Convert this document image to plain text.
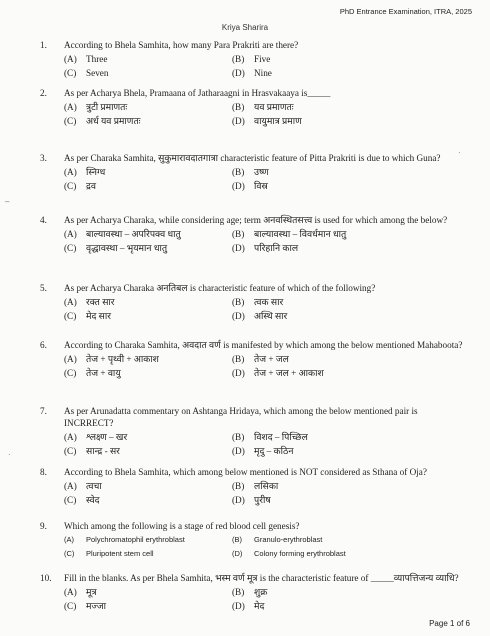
PhD Entrance Examination, ITRA, 2025
Kriya Sharira
–
·
·
1. According to Bhela Samhita, how many Para Prakriti are there?
(A)	Three	(B)	Five
(C)	Seven	(D)	Nine
2. As per Acharya Bhela, Pramaana of Jatharaagni in Hrasvakaaya is_____
(A)	त्रुटी प्रमाणतः	(B)	यव प्रमाणतः
(C)	अर्ध यव प्रमाणतः	(D)	वायुमात्र प्रमाण
3. As per Charaka Samhita, सुकुमारावदातगात्रा characteristic feature of Pitta Prakriti is due to which Guna?
(A)	स्निग्ध	(B)	उष्ण
(C)	द्रव	(D)	विस्र
4. As per Acharya Charaka, while considering age; term अनवस्थितसत्त्व is used for which among the below?
(A)	बाल्यावस्था – अपरिपक्व धातु	(B)	बाल्यावस्था – विवर्धमान धातु
(C)	वृद्धावस्था – भृयमान धातु	(D)	परिहानि काल
5. As per Acharya Charaka अनतिबल is characteristic feature of which of the following?
(A)	रक्त सार	(B)	त्वक सार
(C)	मेद सार	(D)	अस्थि सार
6. According to Charaka Samhita, अवदात वर्ण is manifested by which among the below mentioned Mahaboota?
(A)	तेज + पृथ्वी + आकाश	(B)	तेज + जल
(C)	तेज + वायु	(D)	तेज + जल + आकाश
7. As per Arunadatta commentary on Ashtanga Hridaya, which among the below mentioned pair is INCRRECT?
(A)	श्लक्ष्ण – खर	(B)	विशद – पिच्छिल
(C)	सान्द्र - सर	(D)	मृदु – कठिन
8. According to Bhela Samhita, which among below mentioned is NOT considered as Sthana of Oja?
(A)	त्वचा	(B)	लसिका
(C)	स्वेद	(D)	पुरीष
9. Which among the following is a stage of red blood cell genesis?
(A)	Polychromatophil erythroblast	(B)	Granulo-erythroblast
(C)	Pluripotent stem cell	(D)	Colony forming erythroblast
10. Fill in the blanks. As per Bhela Samhita, भस्म वर्ण मूत्र is the characteristic feature of _____व्यापत्तिजन्य व्याधि?
(A)	मूत्र	(B)	शुक्र
(C)	मज्जा	(D)	मेद
Page 1 of 6
